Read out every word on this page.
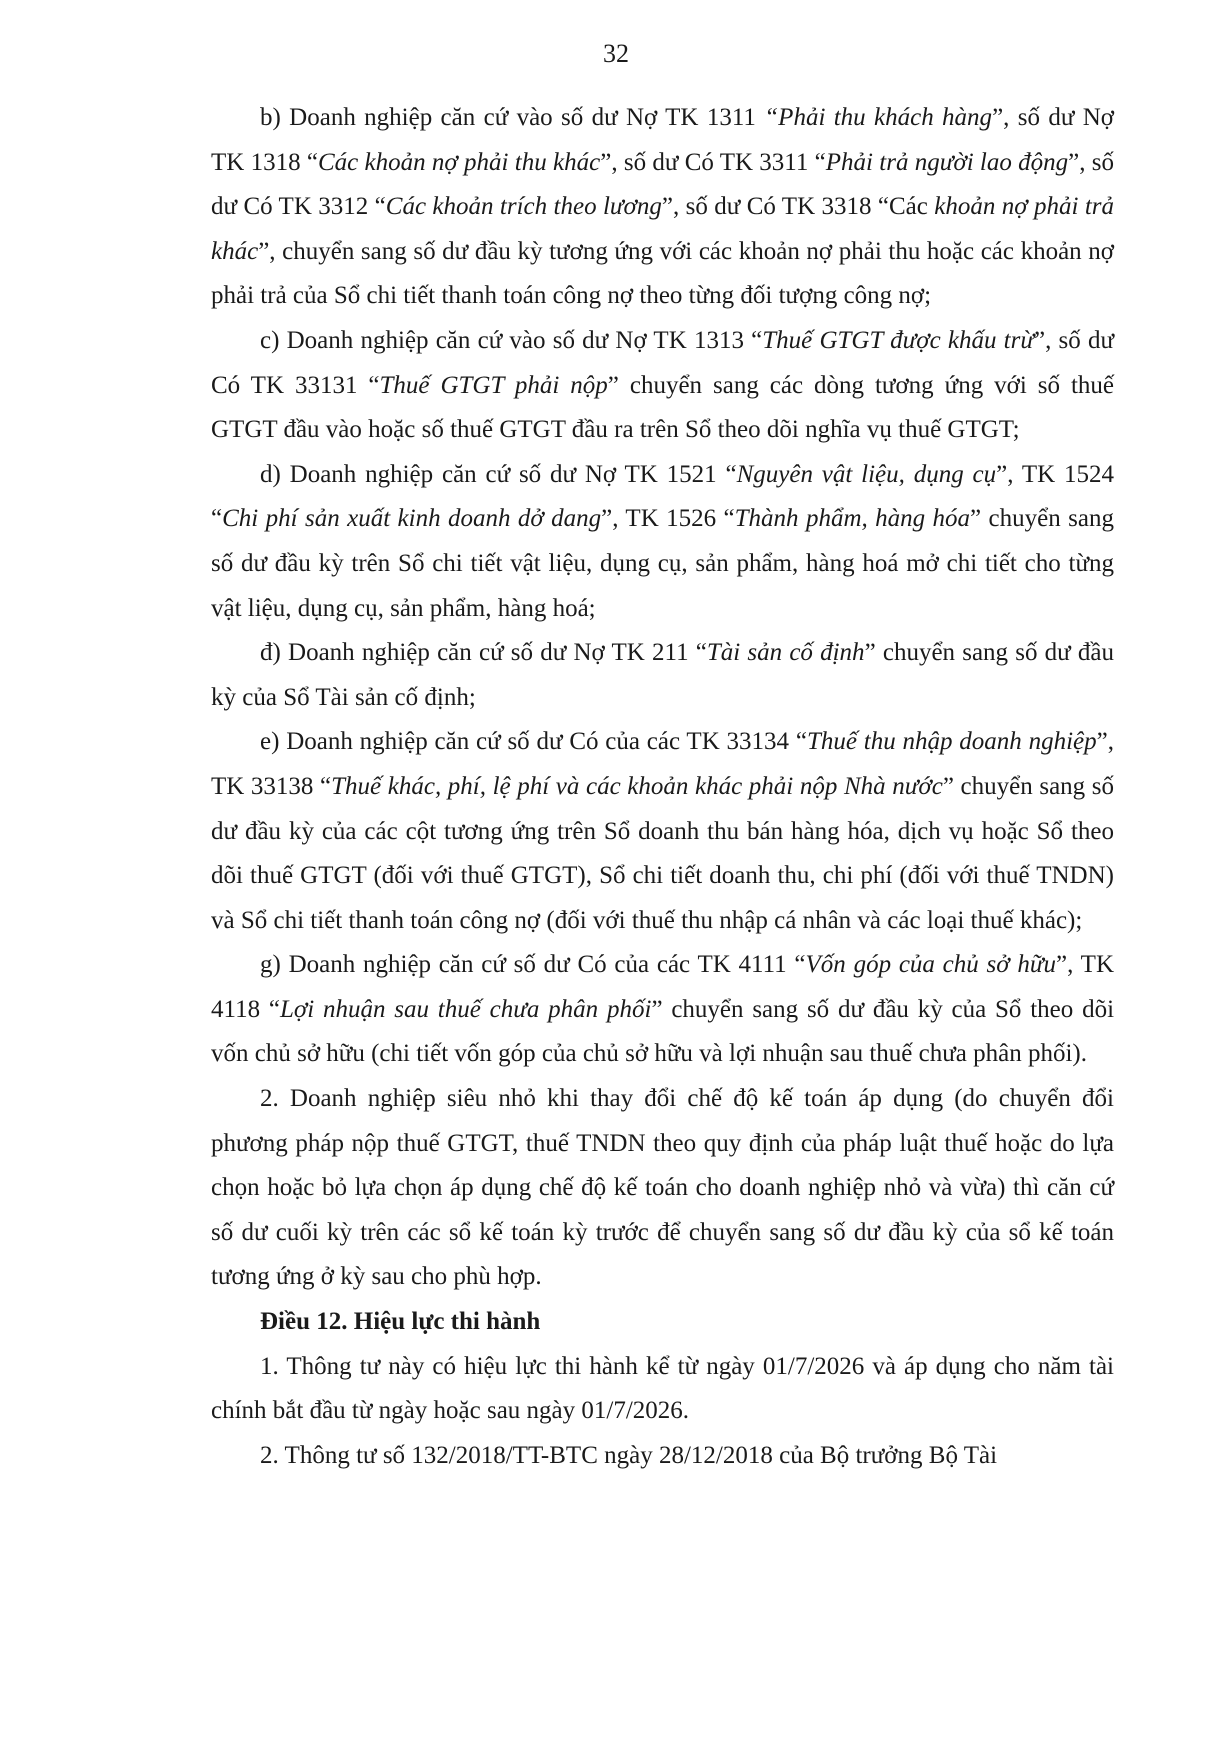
32

b) Doanh nghiệp căn cứ vào số dư Nợ TK 1311 “Phải thu khách hàng”, số dư Nợ TK 1318 “Các khoản nợ phải thu khác”, số dư Có TK 3311 “Phải trả người lao động”, số dư Có TK 3312 “Các khoản trích theo lương”, số dư Có TK 3318 “Các khoản nợ phải trả khác”, chuyển sang số dư đầu kỳ tương ứng với các khoản nợ phải thu hoặc các khoản nợ phải trả của Sổ chi tiết thanh toán công nợ theo từng đối tượng công nợ;

c) Doanh nghiệp căn cứ vào số dư Nợ TK 1313 “Thuế GTGT được khấu trừ”, số dư Có TK 33131 “Thuế GTGT phải nộp” chuyển sang các dòng tương ứng với số thuế GTGT đầu vào hoặc số thuế GTGT đầu ra trên Sổ theo dõi nghĩa vụ thuế GTGT;

d) Doanh nghiệp căn cứ số dư Nợ TK 1521 “Nguyên vật liệu, dụng cụ”, TK 1524 “Chi phí sản xuất kinh doanh dở dang”, TK 1526 “Thành phẩm, hàng hóa” chuyển sang số dư đầu kỳ trên Sổ chi tiết vật liệu, dụng cụ, sản phẩm, hàng hoá mở chi tiết cho từng vật liệu, dụng cụ, sản phẩm, hàng hoá;

đ) Doanh nghiệp căn cứ số dư Nợ TK 211 “Tài sản cố định” chuyển sang số dư đầu kỳ của Sổ Tài sản cố định;

e) Doanh nghiệp căn cứ số dư Có của các TK 33134 “Thuế thu nhập doanh nghiệp”, TK 33138 “Thuế khác, phí, lệ phí và các khoản khác phải nộp Nhà nước” chuyển sang số dư đầu kỳ của các cột tương ứng trên Sổ doanh thu bán hàng hóa, dịch vụ hoặc Sổ theo dõi thuế GTGT (đối với thuế GTGT), Sổ chi tiết doanh thu, chi phí (đối với thuế TNDN) và Sổ chi tiết thanh toán công nợ (đối với thuế thu nhập cá nhân và các loại thuế khác);

g) Doanh nghiệp căn cứ số dư Có của các TK 4111 “Vốn góp của chủ sở hữu”, TK 4118 “Lợi nhuận sau thuế chưa phân phối” chuyển sang số dư đầu kỳ của Sổ theo dõi vốn chủ sở hữu (chi tiết vốn góp của chủ sở hữu và lợi nhuận sau thuế chưa phân phối).

2. Doanh nghiệp siêu nhỏ khi thay đổi chế độ kế toán áp dụng (do chuyển đổi phương pháp nộp thuế GTGT, thuế TNDN theo quy định của pháp luật thuế hoặc do lựa chọn hoặc bỏ lựa chọn áp dụng chế độ kế toán cho doanh nghiệp nhỏ và vừa) thì căn cứ số dư cuối kỳ trên các sổ kế toán kỳ trước để chuyển sang số dư đầu kỳ của sổ kế toán tương ứng ở kỳ sau cho phù hợp.

Điều 12. Hiệu lực thi hành

1. Thông tư này có hiệu lực thi hành kể từ ngày 01/7/2026 và áp dụng cho năm tài chính bắt đầu từ ngày hoặc sau ngày 01/7/2026.

2. Thông tư số 132/2018/TT-BTC ngày 28/12/2018 của Bộ trưởng Bộ Tài
